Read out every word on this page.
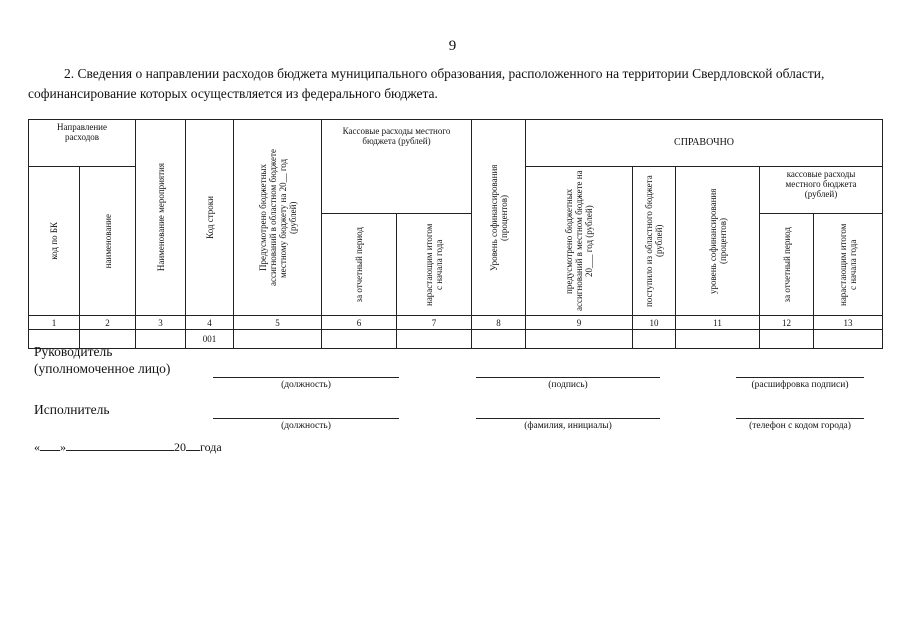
9
2. Сведения о направлении расходов бюджета муниципального образования, расположенного на территории Свердловской области, софинансирование которых осуществляется из федерального бюджета.
Направление расходов		Наименование мероприятия	Код строки	Предусмотрено бюджетных ассигнований в областном бюджете местному бюджету на 20__ год (рублей)	Кассовые расходы местного бюджета (рублей)		Уровень софинансирования (процентов)	СПРАВОЧНО				

код по БК	наименование							предусмотрено бюджетных ассигнований в местном бюджете на 20___ год (рублей)	поступило из областного бюджета (рублей)	уровень софинансирования (процентов)	кассовые расходы местного бюджета (рублей)	

					за отчетный период	нарастающим итогом с начала года					за отчетный период	нарастающим итогом с начала года

1	2	3	4	5	6	7	8	9	10	11	12	13
			001									
Руководитель
(уполномоченное лицо)
(должность)	(подпись)	(расшифровка подписи)
Исполнитель
(должность)	(фамилия, инициалы)	(телефон с кодом города)
« »	20 года
